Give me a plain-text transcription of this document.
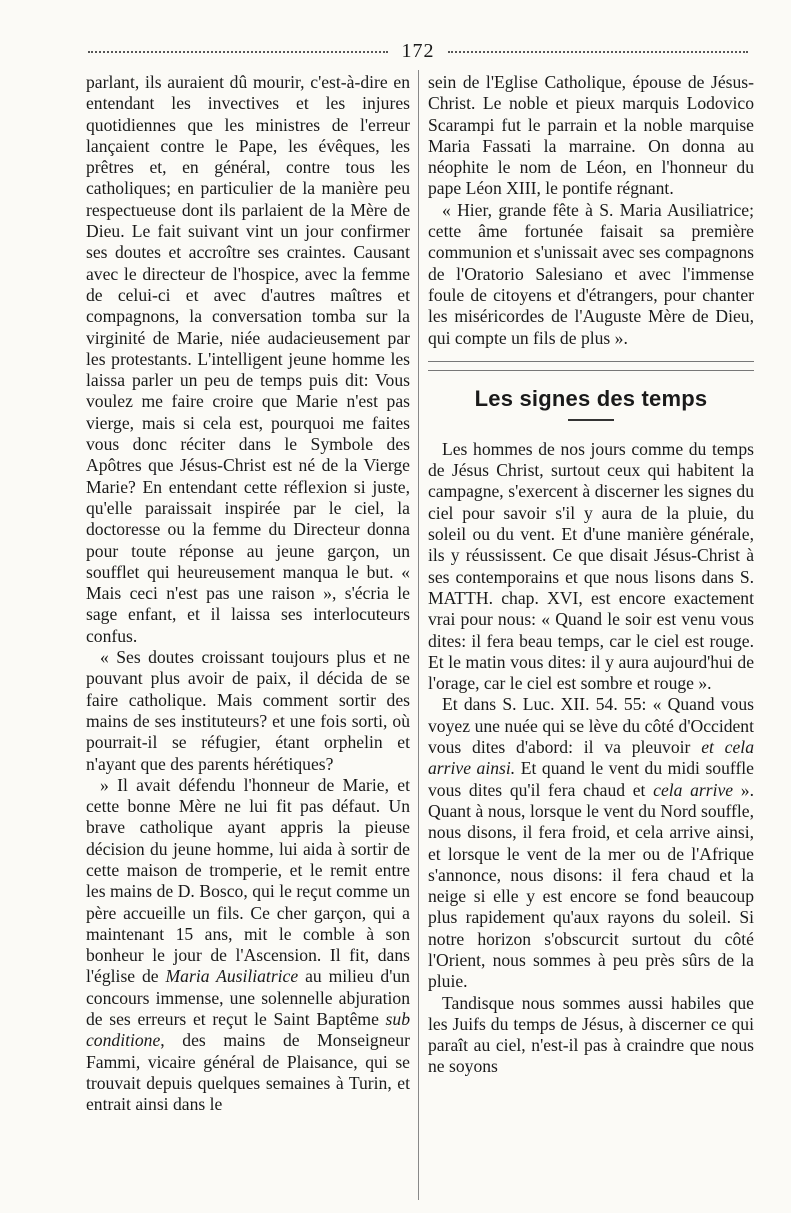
172

parlant, ils auraient dû mourir, c'est-à-dire en entendant les invectives et les injures quotidiennes que les ministres de l'erreur lançaient contre le Pape, les évêques, les prêtres et, en général, contre tous les catholiques; en particulier de la manière peu respectueuse dont ils parlaient de la Mère de Dieu. Le fait suivant vint un jour confirmer ses doutes et accroître ses craintes. Causant avec le directeur de l'hospice, avec la femme de celui-ci et avec d'autres maîtres et compagnons, la conversation tomba sur la virginité de Marie, niée audacieusement par les protestants. L'intelligent jeune homme les laissa parler un peu de temps puis dit: Vous voulez me faire croire que Marie n'est pas vierge, mais si cela est, pourquoi me faites vous donc réciter dans le Symbole des Apôtres que Jésus-Christ est né de la Vierge Marie? En entendant cette réflexion si juste, qu'elle paraissait inspirée par le ciel, la doctoresse ou la femme du Directeur donna pour toute réponse au jeune garçon, un soufflet qui heureusement manqua le but. « Mais ceci n'est pas une raison », s'écria le sage enfant, et il laissa ses interlocuteurs confus.

« Ses doutes croissant toujours plus et ne pouvant plus avoir de paix, il décida de se faire catholique. Mais comment sortir des mains de ses instituteurs? et une fois sorti, où pourrait-il se réfugier, étant orphelin et n'ayant que des parents hérétiques?

» Il avait défendu l'honneur de Marie, et cette bonne Mère ne lui fit pas défaut. Un brave catholique ayant appris la pieuse décision du jeune homme, lui aida à sortir de cette maison de tromperie, et le remit entre les mains de D. Bosco, qui le reçut comme un père accueille un fils. Ce cher garçon, qui a maintenant 15 ans, mit le comble à son bonheur le jour de l'Ascension. Il fit, dans l'église de Maria Ausiliatrice au milieu d'un concours immense, une solennelle abjuration de ses erreurs et reçut le Saint Baptême sub conditione, des mains de Monseigneur Fammi, vicaire général de Plaisance, qui se trouvait depuis quelques semaines à Turin, et entrait ainsi dans le

sein de l'Eglise Catholique, épouse de Jésus-Christ. Le noble et pieux marquis Lodovico Scarampi fut le parrain et la noble marquise Maria Fassati la marraine. On donna au néophite le nom de Léon, en l'honneur du pape Léon XIII, le pontife régnant.

« Hier, grande fête à S. Maria Ausiliatrice; cette âme fortunée faisait sa première communion et s'unissait avec ses compagnons de l'Oratorio Salesiano et avec l'immense foule de citoyens et d'étrangers, pour chanter les miséricordes de l'Auguste Mère de Dieu, qui compte un fils de plus ».

Les signes des temps

Les hommes de nos jours comme du temps de Jésus Christ, surtout ceux qui habitent la campagne, s'exercent à discerner les signes du ciel pour savoir s'il y aura de la pluie, du soleil ou du vent. Et d'une manière générale, ils y réussissent. Ce que disait Jésus-Christ à ses contemporains et que nous lisons dans S. MATTH. chap. XVI, est encore exactement vrai pour nous: « Quand le soir est venu vous dites: il fera beau temps, car le ciel est rouge. Et le matin vous dites: il y aura aujourd'hui de l'orage, car le ciel est sombre et rouge ».

Et dans S. Luc. XII. 54. 55: « Quand vous voyez une nuée qui se lève du côté d'Occident vous dites d'abord: il va pleuvoir et cela arrive ainsi. Et quand le vent du midi souffle vous dites qu'il fera chaud et cela arrive ». Quant à nous, lorsque le vent du Nord souffle, nous disons, il fera froid, et cela arrive ainsi, et lorsque le vent de la mer ou de l'Afrique s'annonce, nous disons: il fera chaud et la neige si elle y est encore se fond beaucoup plus rapidement qu'aux rayons du soleil. Si notre horizon s'obscurcit surtout du côté l'Orient, nous sommes à peu près sûrs de la pluie.

Tandisque nous sommes aussi habiles que les Juifs du temps de Jésus, à discerner ce qui paraît au ciel, n'est-il pas à craindre que nous ne soyons
